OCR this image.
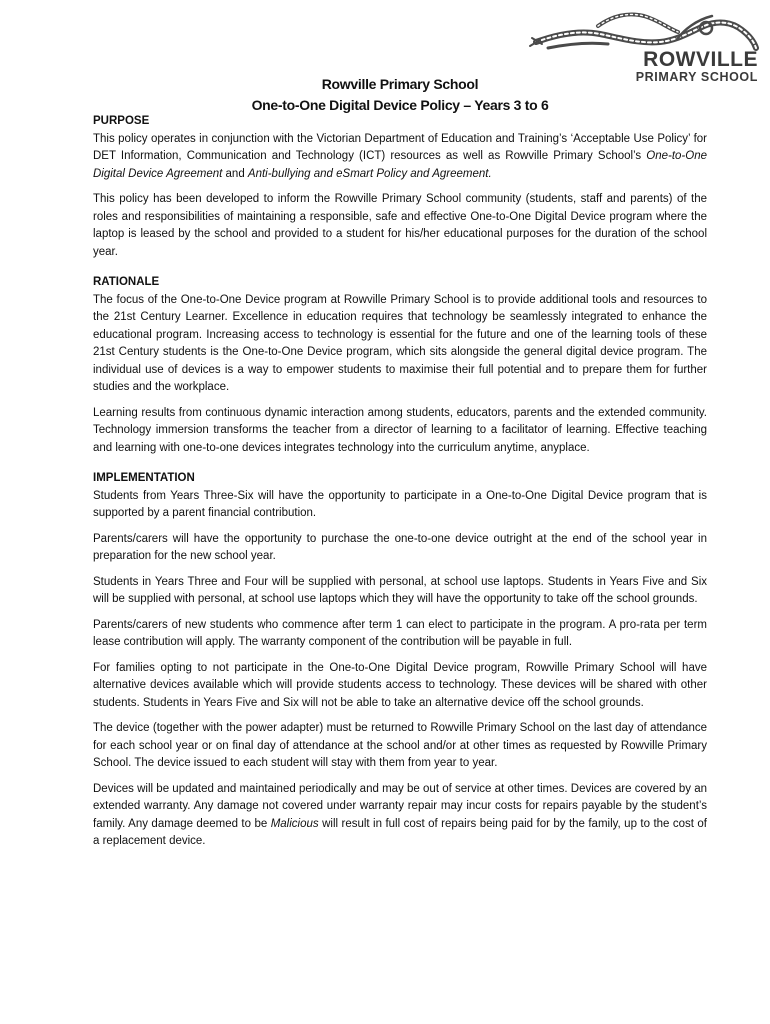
ROWVILLE
PRIMARY SCHOOL
Rowville Primary School
One-to-One Digital Device Policy – Years 3 to 6
PURPOSE

This policy operates in conjunction with the Victorian Department of Education and Training’s ‘Acceptable Use Policy’ for DET Information, Communication and Technology (ICT) resources as well as Rowville Primary School’s One-to-One Digital Device Agreement and Anti-bullying and eSmart Policy and Agreement.

This policy has been developed to inform the Rowville Primary School community (students, staff and parents) of the roles and responsibilities of maintaining a responsible, safe and effective One-to-One Digital Device program where the laptop is leased by the school and provided to a student for his/her educational purposes for the duration of the school year.

RATIONALE

The focus of the One-to-One Device program at Rowville Primary School is to provide additional tools and resources to the 21st Century Learner. Excellence in education requires that technology be seamlessly integrated to enhance the educational program. Increasing access to technology is essential for the future and one of the learning tools of these 21st Century students is the One-to-One Device program, which sits alongside the general digital device program. The individual use of devices is a way to empower students to maximise their full potential and to prepare them for further studies and the workplace.

Learning results from continuous dynamic interaction among students, educators, parents and the extended community. Technology immersion transforms the teacher from a director of learning to a facilitator of learning. Effective teaching and learning with one-to-one devices integrates technology into the curriculum anytime, anyplace.

IMPLEMENTATION

Students from Years Three-Six will have the opportunity to participate in a One-to-One Digital Device program that is supported by a parent financial contribution.

Parents/carers will have the opportunity to purchase the one-to-one device outright at the end of the school year in preparation for the new school year.

Students in Years Three and Four will be supplied with personal, at school use laptops. Students in Years Five and Six will be supplied with personal, at school use laptops which they will have the opportunity to take off the school grounds.

Parents/carers of new students who commence after term 1 can elect to participate in the program. A pro-rata per term lease contribution will apply. The warranty component of the contribution will be payable in full.

For families opting to not participate in the One-to-One Digital Device program, Rowville Primary School will have alternative devices available which will provide students access to technology. These devices will be shared with other students. Students in Years Five and Six will not be able to take an alternative device off the school grounds.

The device (together with the power adapter) must be returned to Rowville Primary School on the last day of attendance for each school year or on final day of attendance at the school and/or at other times as requested by Rowville Primary School. The device issued to each student will stay with them from year to year.

Devices will be updated and maintained periodically and may be out of service at other times. Devices are covered by an extended warranty. Any damage not covered under warranty repair may incur costs for repairs payable by the student’s family. Any damage deemed to be Malicious will result in full cost of repairs being paid for by the family, up to the cost of a replacement device.
